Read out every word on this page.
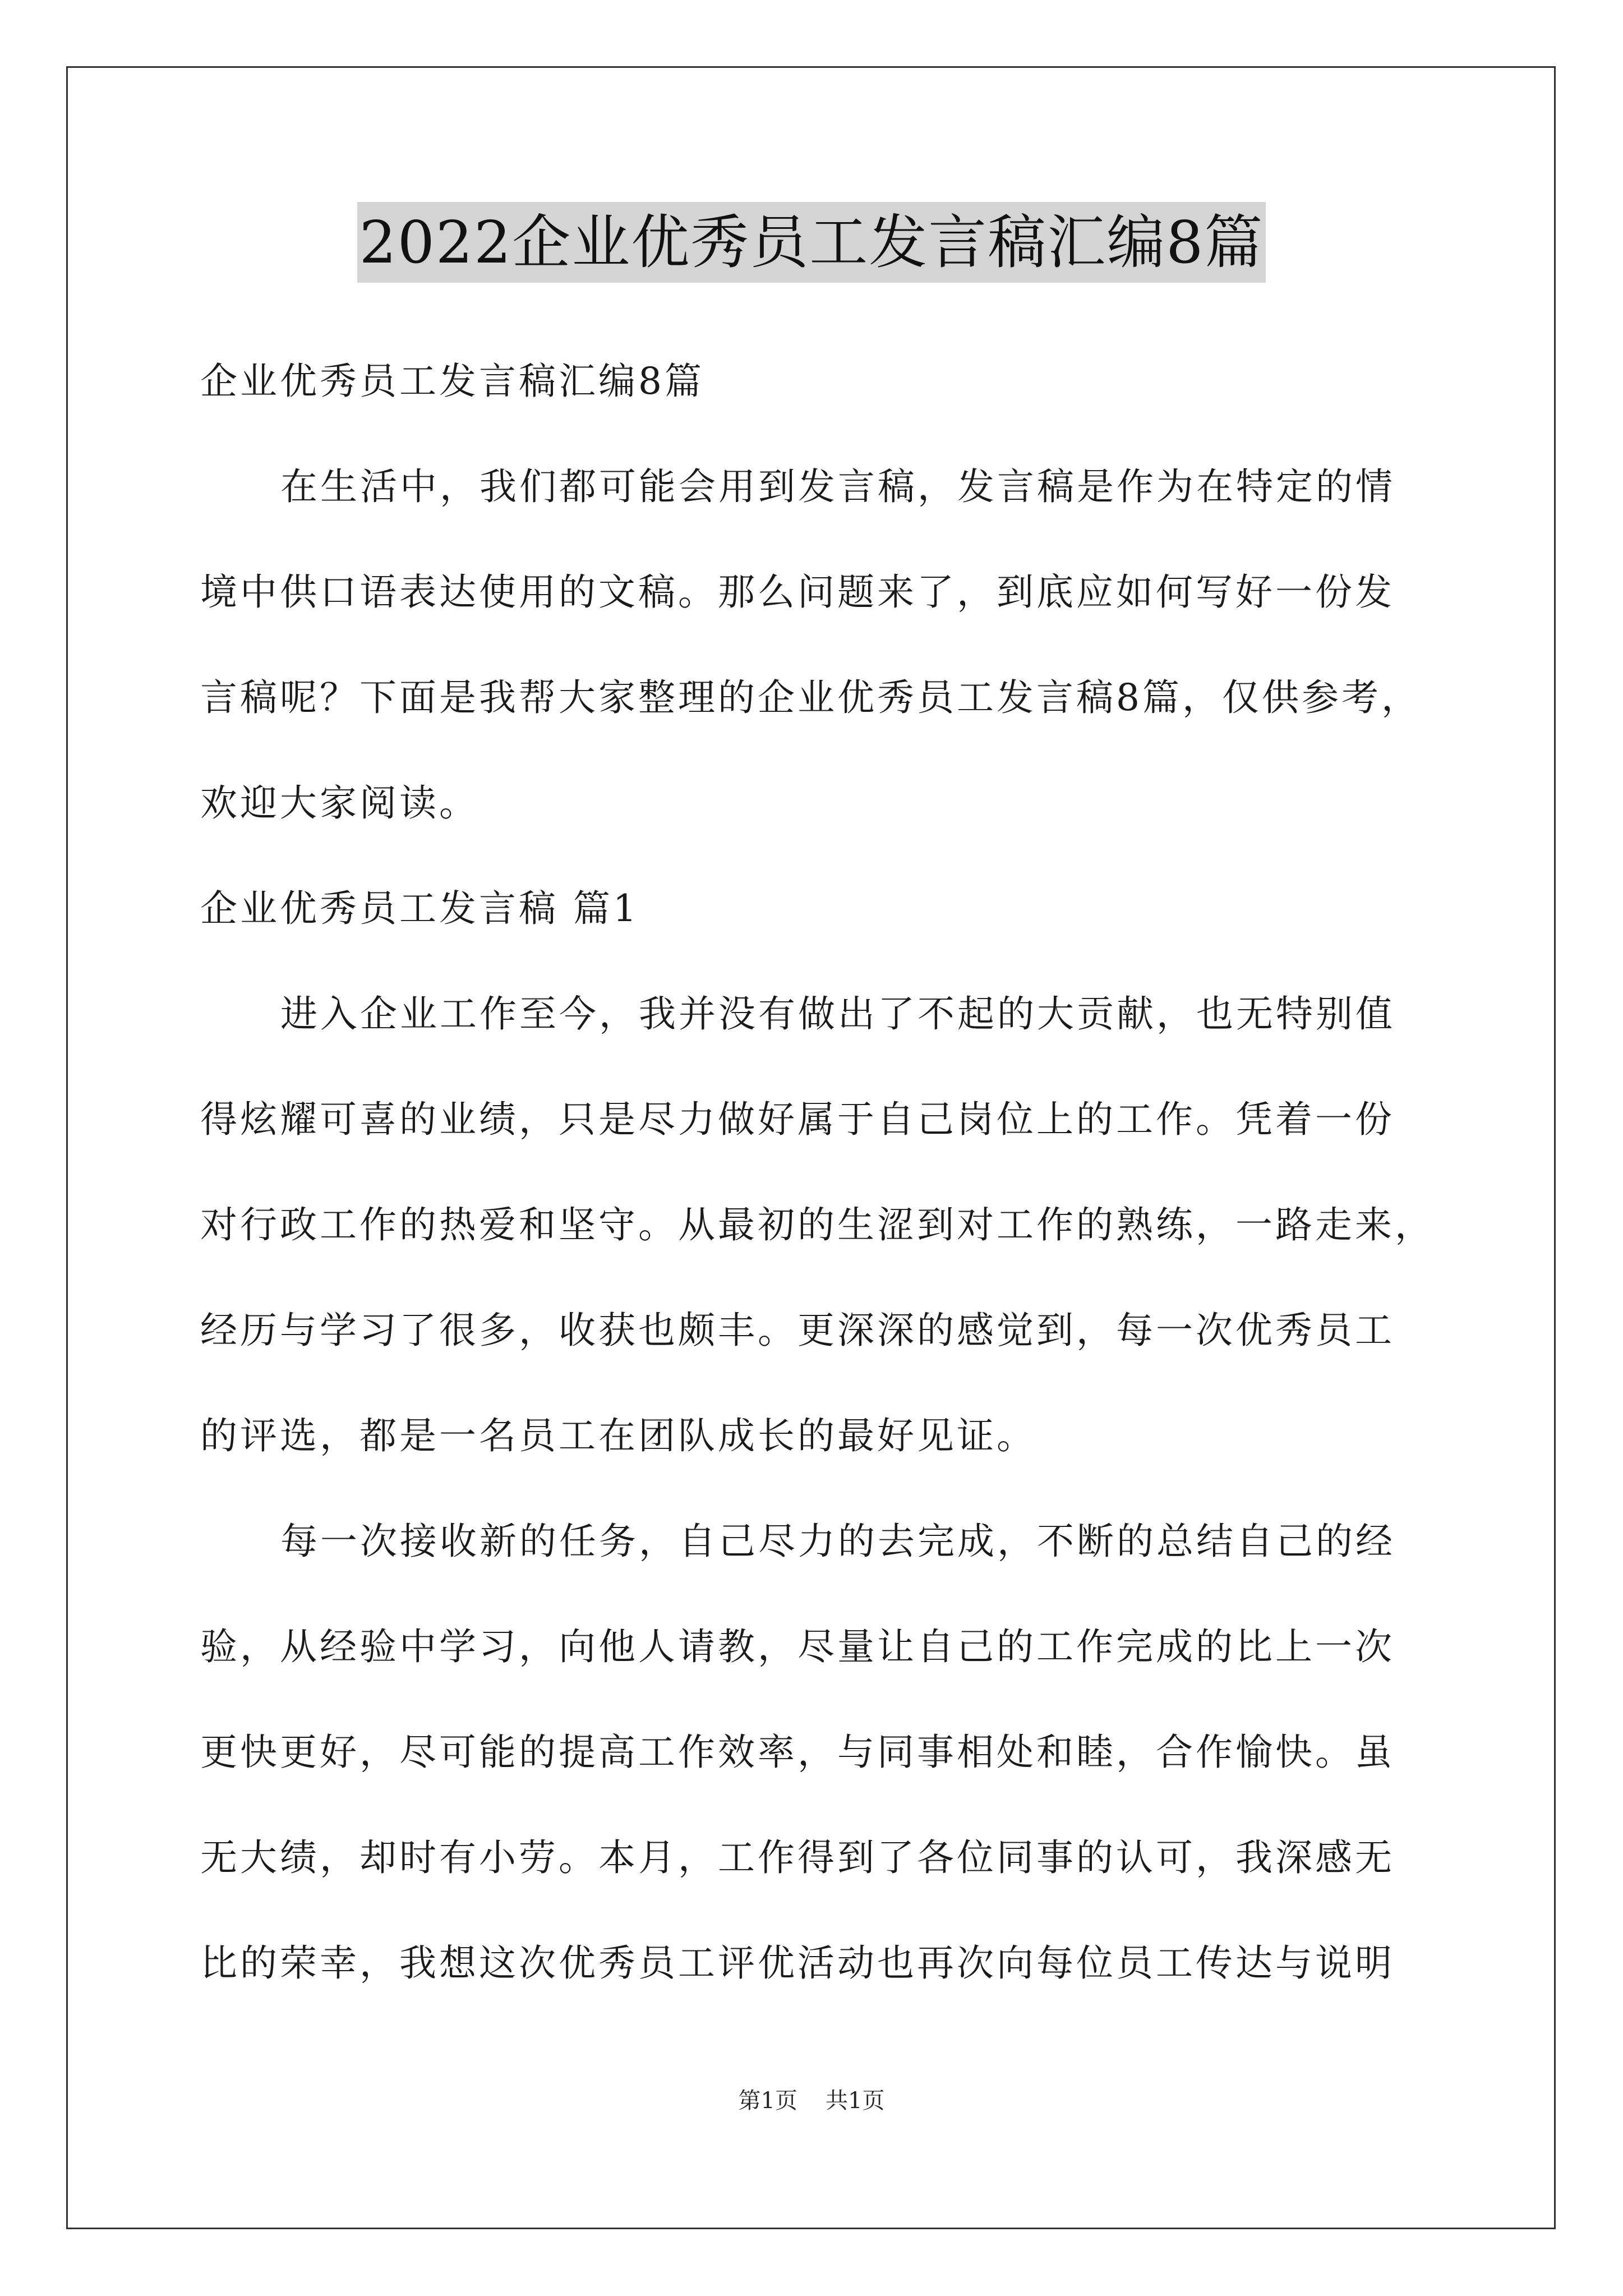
2022企业优秀员工发言稿汇编8篇
企业优秀员工发言稿汇编8篇
在生活中，我们都可能会用到发言稿，发言稿是作为在特定的情
境中供口语表达使用的文稿。那么问题来了，到底应如何写好一份发
言稿呢？下面是我帮大家整理的企业优秀员工发言稿8篇，仅供参考，
欢迎大家阅读。
企业优秀员工发言稿 篇1
进入企业工作至今，我并没有做出了不起的大贡献，也无特别值
得炫耀可喜的业绩，只是尽力做好属于自己岗位上的工作。凭着一份
对行政工作的热爱和坚守。从最初的生涩到对工作的熟练，一路走来，
经历与学习了很多，收获也颇丰。更深深的感觉到，每一次优秀员工
的评选，都是一名员工在团队成长的最好见证。
每一次接收新的任务，自己尽力的去完成，不断的总结自己的经
验，从经验中学习，向他人请教，尽量让自己的工作完成的比上一次
更快更好，尽可能的提高工作效率，与同事相处和睦，合作愉快。虽
无大绩，却时有小劳。本月，工作得到了各位同事的认可，我深感无
比的荣幸，我想这次优秀员工评优活动也再次向每位员工传达与说明
第1页 共1页
